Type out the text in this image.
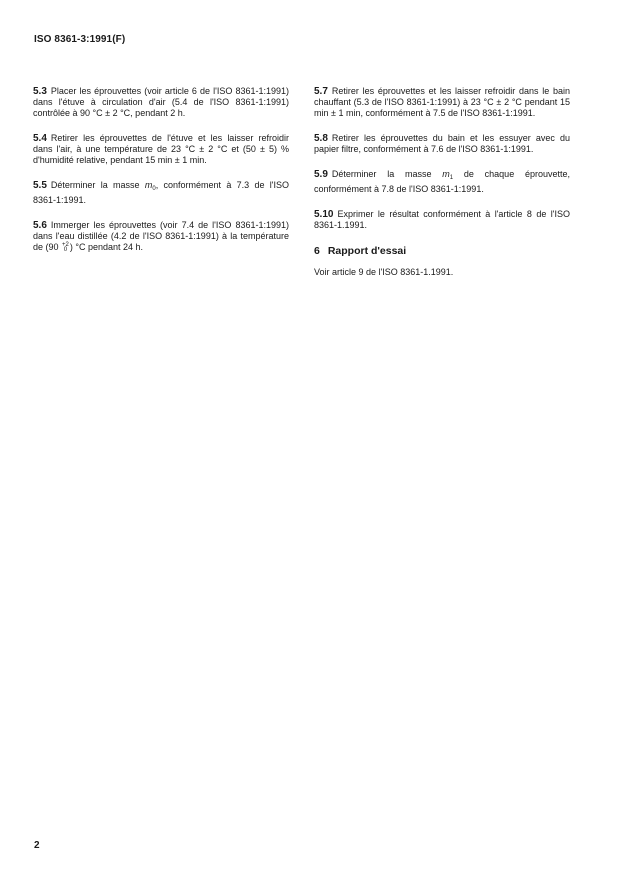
ISO 8361-3:1991(F)

5.3 Placer les éprouvettes (voir article 6 de l'ISO 8361-1:1991) dans l'étuve à circulation d'air (5.4 de l'ISO 8361-1:1991) contrôlée à 90 °C ± 2 °C, pendant 2 h.

5.4 Retirer les éprouvettes de l'étuve et les laisser refroidir dans l'air, à une température de 23 °C ± 2 °C et (50 ± 5) % d'humidité relative, pendant 15 min ± 1 min.

5.5 Déterminer la masse $m_0$, conformément à 7.3 de l'ISO 8361-1:1991.

5.6 Immerger les éprouvettes (voir 7.4 de l'ISO 8361-1:1991) dans l'eau distillée (4.2 de l'ISO 8361-1:1991) à la température de (90 +2
0 ) °C pendant 24 h.

5.7 Retirer les éprouvettes et les laisser refroidir dans le bain chauffant (5.3 de l'ISO 8361-1:1991) à 23 °C ± 2 °C pendant 15 min ± 1 min, conformément à 7.5 de l'ISO 8361-1:1991.

5.8 Retirer les éprouvettes du bain et les essuyer avec du papier filtre, conformément à 7.6 de l'ISO 8361-1:1991.

5.9 Déterminer la masse $m_1$ de chaque éprouvette, conformément à 7.8 de l'ISO 8361-1:1991.

5.10 Exprimer le résultat conformément à l'article 8 de l'ISO 8361-1.1991.

6 Rapport d'essai

Voir article 9 de l'ISO 8361-1.1991.

2
